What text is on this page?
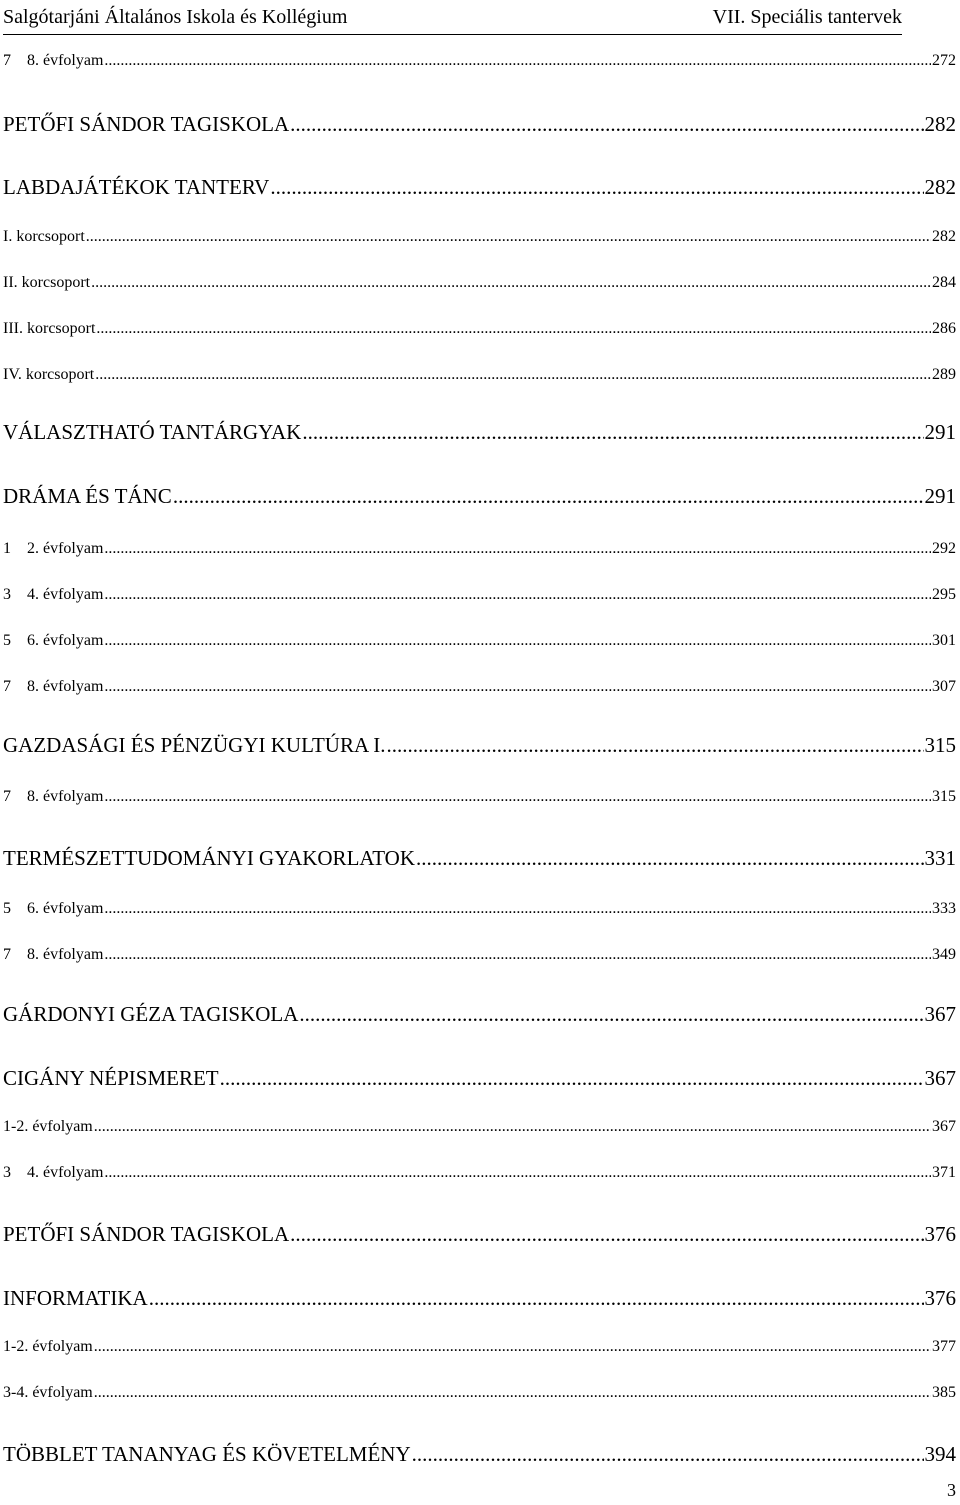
Salgótarjáni Általános Iskola és Kollégium	VII. Speciális tantervek
7 8. évfolyam .....	272
PETŐFI SÁNDOR TAGISKOLA .....	282
LABDAJÁTÉKOK TANTERV .....	282
I. korcsoport .....	282
II. korcsoport .....	284
III. korcsoport .....	286
IV. korcsoport .....	289
VÁLASZTHATÓ TANTÁRGYAK .....	291
DRÁMA ÉS TÁNC .....	291
1 2. évfolyam .....	292
3 4. évfolyam .....	295
5 6. évfolyam .....	301
7 8. évfolyam .....	307
GAZDASÁGI ÉS PÉNZÜGYI KULTÚRA I. .....	315
7 8. évfolyam .....	315
TERMÉSZETTUDOMÁNYI GYAKORLATOK .....	331
5 6. évfolyam .....	333
7 8. évfolyam .....	349
GÁRDONYI GÉZA TAGISKOLA .....	367
CIGÁNY NÉPISMERET .....	367
1-2. évfolyam .....	367
3 4. évfolyam .....	371
PETŐFI SÁNDOR TAGISKOLA .....	376
INFORMATIKA .....	376
1-2. évfolyam .....	377
3-4. évfolyam .....	385
TÖBBLET TANANYAG ÉS KÖVETELMÉNY .....	394
3
